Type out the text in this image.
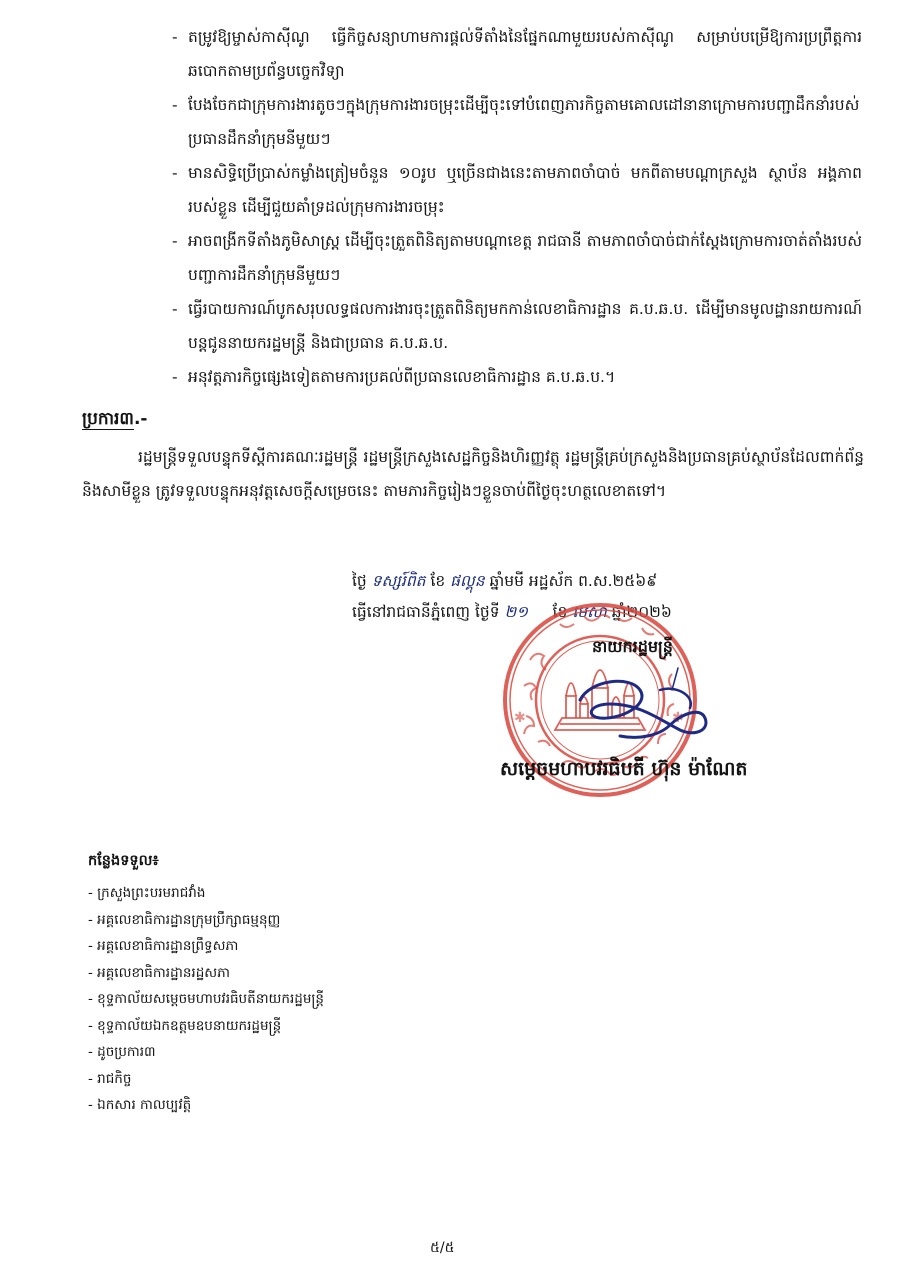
- តម្រូវឱ្យម្ចាស់កាស៊ីណូ ធ្វើកិច្ចសន្យាហាមការផ្តល់ទីតាំងនៃផ្នែកណាមួយរបស់កាស៊ីណូ សម្រាប់បម្រើឱ្យការប្រព្រឹត្តការឆបោកតាមប្រព័ន្ធបច្ចេកវិទ្យា

- បែងចែកជាក្រុមការងារតូចៗក្នុងក្រុមការងារចម្រុះដើម្បីចុះទៅបំពេញភារកិច្ចតាមគោលដៅនានាក្រោមការបញ្ជាដឹកនាំរបស់ប្រធានដឹកនាំក្រុមនីមួយៗ

- មានសិទ្ធិប្រើប្រាស់កម្លាំងត្រៀមចំនួន ១០រូប ឬច្រើនជាងនេះតាមភាពចាំបាច់ មកពីតាមបណ្តាក្រសួង ស្ថាប័ន អង្គភាពរបស់ខ្លួន ដើម្បីជួយគាំទ្រដល់ក្រុមការងារចម្រុះ

- អាចពង្រីកទីតាំងភូមិសាស្ត្រ ដើម្បីចុះត្រួតពិនិត្យតាមបណ្តាខេត្ត រាជធានី តាមភាពចាំបាច់ជាក់ស្តែងក្រោមការចាត់តាំងរបស់បញ្ជាការដឹកនាំក្រុមនីមួយៗ

- ធ្វើរបាយការណ៍បូកសរុបលទ្ធផលការងារចុះត្រួតពិនិត្យមកកាន់លេខាធិការដ្ឋាន គ.ប.ឆ.ប. ដើម្បីមានមូលដ្ឋានរាយការណ៍បន្តជូននាយករដ្ឋមន្ត្រី និងជាប្រធាន គ.ប.ឆ.ប.

- អនុវត្តភារកិច្ចផ្សេងទៀតតាមការប្រគល់ពីប្រធានលេខាធិការដ្ឋាន គ.ប.ឆ.ប.។

ប្រការ៣.-

រដ្ឋមន្ត្រីទទួលបន្ទុកទីស្តីការគណៈរដ្ឋមន្ត្រី រដ្ឋមន្ត្រីក្រសួងសេដ្ឋកិច្ចនិងហិរញ្ញវត្ថុ រដ្ឋមន្ត្រីគ្រប់ក្រសួងនិងប្រធានគ្រប់ស្ថាប័នដែលពាក់ព័ន្ធ និងសាមីខ្លួន ត្រូវទទួលបន្ទុកអនុវត្តសេចក្តីសម្រេចនេះ តាមភារកិច្ចរៀងៗខ្លួនចាប់ពីថ្ងៃចុះហត្ថលេខាតទៅ។

ថ្ងៃ ទស្សរ៍ពិត ខែ ផល្គុន ឆ្នាំមមី អដ្ឋស័ក ព.ស.២៥៦៩
ធ្វើនៅរាជធានីភ្នំពេញ ថ្ងៃទី ២១ ខែ មេសា ឆ្នាំ២០២៦
✱	✱
នាយករដ្ឋមន្ត្រី
សម្តេចមហាបវរធិបតី ហ៊ុន ម៉ាណែត
កន្លែងទទួល៖
- ក្រសួងព្រះបរមរាជវាំង
- អគ្គលេខាធិការដ្ឋានក្រុមប្រឹក្សាធម្មនុញ្ញ
- អគ្គលេខាធិការដ្ឋានព្រឹទ្ធសភា
- អគ្គលេខាធិការដ្ឋានរដ្ឋសភា
- ខុទ្ទកាល័យសម្តេចមហាបវរធិបតីនាយករដ្ឋមន្ត្រី
- ខុទ្ទកាល័យឯកឧត្តមឧបនាយករដ្ឋមន្ត្រី
- ដូចប្រការ៣
- រាជកិច្ច
- ឯកសារ កាលប្បវត្តិ
៥/៥
